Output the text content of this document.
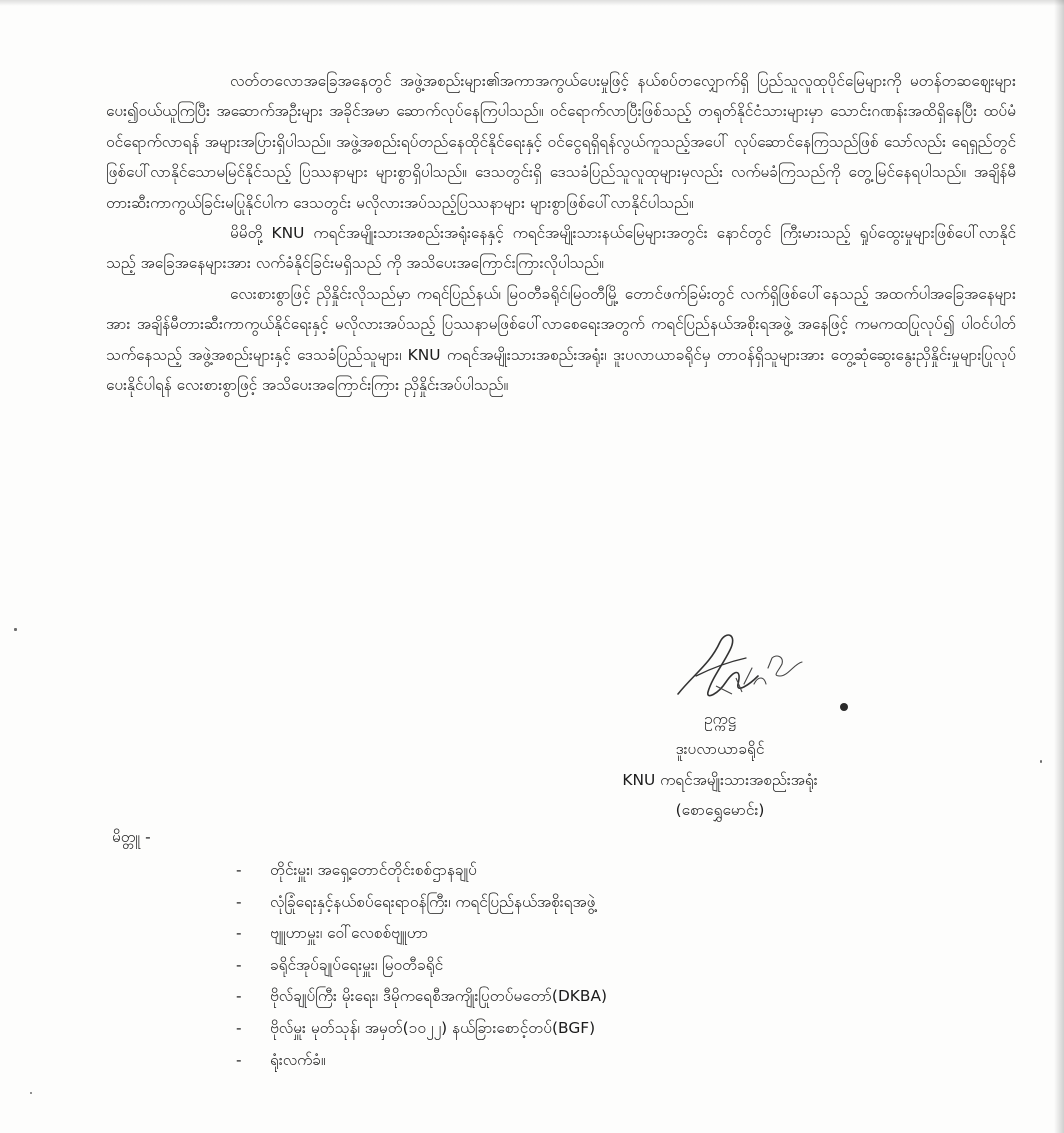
လတ်တလောအခြေအနေတွင် အဖွဲ့အစည်းများ၏အကာအကွယ်ပေးမှုဖြင့် နယ်စပ်တလျှောက်ရှိ ပြည်သူလူထုပိုင်မြေများကို မတန်တဆဈေးများပေး၍ဝယ်ယူကြပြီး အဆောက်အဦးများ အခိုင်အမာ ဆောက်လုပ်နေကြပါသည်။ ဝင်ရောက်လာပြီးဖြစ်သည့် တရုတ်နိုင်ငံသားများမှာ သောင်းဂဏန်းအထိရှိနေပြီး ထပ်မံဝင်ရောက်လာရန် အများအပြားရှိပါသည်။ အဖွဲ့အစည်းရပ်တည်နေထိုင်နိုင်ရေးနှင့် ဝင်ငွေရရှိရန်လွယ်ကူသည့်အပေါ် လုပ်ဆောင်နေကြသည်ဖြစ် သော်လည်း ရေရှည်တွင် ဖြစ်ပေါ်လာနိုင်သောမမြင်နိုင်သည့် ပြဿနာများ များစွာရှိပါသည်။ ဒေသတွင်းရှိ ဒေသခံပြည်သူလူထုများမှလည်း လက်မခံကြသည်ကို တွေ့မြင်နေရပါသည်။ အချိန်မီတားဆီးကာကွယ်ခြင်းမပြုနိုင်ပါက ဒေသတွင်း မလိုလားအပ်သည့်ပြဿနာများ များစွာဖြစ်ပေါ်လာနိုင်ပါသည်။

မိမိတို့ KNU ကရင်အမျိုးသားအစည်းအရုံးနေနှင့် ကရင်အမျိုးသားနယ်မြေများအတွင်း နောင်တွင် ကြီးမားသည့် ရှုပ်ထွေးမှုများဖြစ်ပေါ်လာနိုင်သည့် အခြေအနေများအား လက်ခံနိုင်ခြင်းမရှိသည် ကို အသိပေးအကြောင်းကြားလိုပါသည်။

လေးစားစွာဖြင့် ညှိနှိုင်းလိုသည်မှာ ကရင်ပြည်နယ်၊ မြဝတီခရိုင်၊မြဝတီမြို့ တောင်ဖက်ခြမ်းတွင် လက်ရှိဖြစ်ပေါ်နေသည့် အထက်ပါအခြေအနေများအား အချိန်မီတားဆီးကာကွယ်နိုင်ရေးနှင့် မလိုလားအပ်သည့် ပြဿနာမဖြစ်ပေါ်လာစေရေးအတွက် ကရင်ပြည်နယ်အစိုးရအဖွဲ့ အနေဖြင့် ကမကထပြုလုပ်၍ ပါဝင်ပါတ်သက်နေသည့် အဖွဲ့အစည်းများနှင့် ဒေသခံပြည်သူများ၊ KNU ကရင်အမျိုးသားအစည်းအရုံး၊ ဒူးပလာယာခရိုင်မှ တာဝန်ရှိသူများအား တွေ့ဆုံဆွေးနွေးညှိနှိုင်းမှုများပြုလုပ်ပေးနိုင်ပါရန် လေးစားစွာဖြင့် အသိပေးအကြောင်းကြား ညှိနှိုင်းအပ်ပါသည်။

ဥက္ကဋ္ဌ
ဒူးပလာယာခရိုင်
KNU ကရင်အမျိုးသားအစည်းအရုံး
(စောရွှေမောင်း)
မိတ္တူ -
- တိုင်းမှူး၊ အရှေ့တောင်တိုင်းစစ်ဌာနချုပ်
- လုံခြုံရေးနှင့်နယ်စပ်ရေးရာဝန်ကြီး၊ ကရင်ပြည်နယ်အစိုးရအဖွဲ့
- ဗျူဟာမှူး၊ ဝေါ်လေစစ်ဗျူဟာ
- ခရိုင်အုပ်ချုပ်ရေးမှူး၊ မြဝတီခရိုင်
- ဗိုလ်ချုပ်ကြီး မိုးရေး၊ ဒီမိုကရေစီအကျိုးပြုတပ်မတော်(DKBA)
- ဗိုလ်မှူး မုတ်သုန်၊ အမှတ်(၁၀၂၂) နယ်ခြားစောင့်တပ်(BGF)
- ရုံးလက်ခံ။
